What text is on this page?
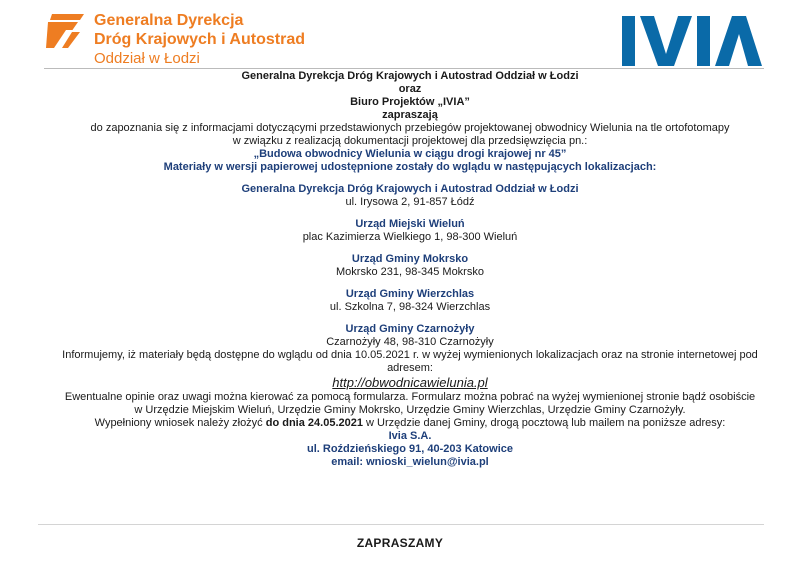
Generalna Dyrekcja
Dróg Krajowych i Autostrad
Oddział w Łodzi

Generalna Dyrekcja Dróg Krajowych i Autostrad Oddział w Łodzi

oraz

Biuro Projektów „IVIA”

zapraszają

do zapoznania się z informacjami dotyczącymi przedstawionych przebiegów projektowanej obwodnicy Wielunia na tle ortofotomapy

w związku z realizacją dokumentacji projektowej dla przedsięwzięcia pn.:

„Budowa obwodnicy Wielunia w ciągu drogi krajowej nr 45”

Materiały w wersji papierowej udostępnione zostały do wglądu w następujących lokalizacjach:

Generalna Dyrekcja Dróg Krajowych i Autostrad Oddział w Łodzi

ul. Irysowa 2, 91-857 Łódź

Urząd Miejski Wieluń

plac Kazimierza Wielkiego 1, 98-300 Wieluń

Urząd Gminy Mokrsko

Mokrsko 231, 98-345 Mokrsko

Urząd Gminy Wierzchlas

ul. Szkolna 7, 98-324 Wierzchlas

Urząd Gminy Czarnożyły

Czarnożyły 48, 98-310 Czarnożyły

Informujemy, iż materiały będą dostępne do wglądu od dnia 10.05.2021 r. w wyżej wymienionych lokalizacjach oraz na stronie internetowej pod adresem:

http://obwodnicawielunia.pl

Ewentualne opinie oraz uwagi można kierować za pomocą formularza. Formularz można pobrać na wyżej wymienionej stronie bądź osobiście

w Urzędzie Miejskim Wieluń, Urzędzie Gminy Mokrsko, Urzędzie Gminy Wierzchlas, Urzędzie Gminy Czarnożyły.

Wypełniony wniosek należy złożyć do dnia 24.05.2021 w Urzędzie danej Gminy, drogą pocztową lub mailem na poniższe adresy:

Ivia S.A.

ul. Roździeńskiego 91, 40-203 Katowice

email: wnioski_wielun@ivia.pl

ZAPRASZAMY
